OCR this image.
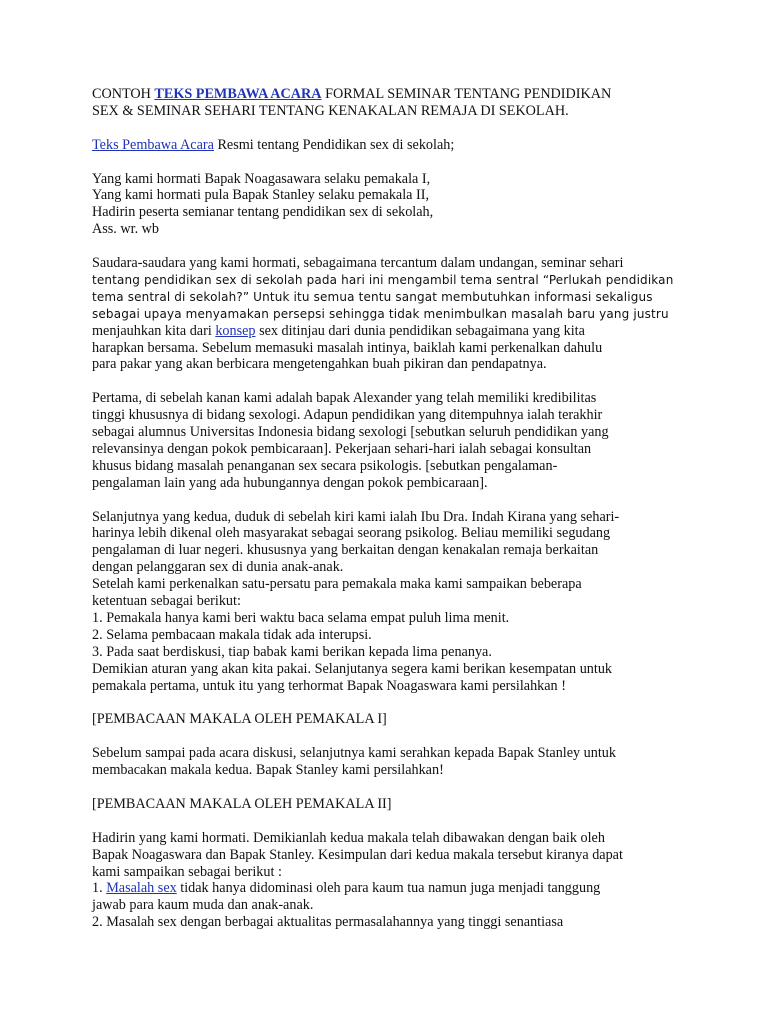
CONTOH TEKS PEMBAWA ACARA FORMAL SEMINAR TENTANG PENDIDIKAN
SEX & SEMINAR SEHARI TENTANG KENAKALAN REMAJA DI SEKOLAH.
Teks Pembawa Acara Resmi tentang Pendidikan sex di sekolah;
Yang kami hormati Bapak Noagasawara selaku pemakala I,
Yang kami hormati pula Bapak Stanley selaku pemakala II,
Hadirin peserta semianar tentang pendidikan sex di sekolah,
Ass. wr. wb
Saudara-saudara yang kami hormati, sebagaimana tercantum dalam undangan, seminar sehari
tentang pendidikan sex di sekolah pada hari ini mengambil tema sentral “Perlukah pendidikan
tema sentral di sekolah?” Untuk itu semua tentu sangat membutuhkan informasi sekaligus
sebagai upaya menyamakan persepsi sehingga tidak menimbulkan masalah baru yang justru
menjauhkan kita dari konsep sex ditinjau dari dunia pendidikan sebagaimana yang kita
harapkan bersama. Sebelum memasuki masalah intinya, baiklah kami perkenalkan dahulu
para pakar yang akan berbicara mengetengahkan buah pikiran dan pendapatnya.
Pertama, di sebelah kanan kami adalah bapak Alexander yang telah memiliki kredibilitas
tinggi khususnya di bidang sexologi. Adapun pendidikan yang ditempuhnya ialah terakhir
sebagai alumnus Universitas Indonesia bidang sexologi [sebutkan seluruh pendidikan yang
relevansinya dengan pokok pembicaraan]. Pekerjaan sehari-hari ialah sebagai konsultan
khusus bidang masalah penanganan sex secara psikologis. [sebutkan pengalaman-
pengalaman lain yang ada hubungannya dengan pokok pembicaraan].
Selanjutnya yang kedua, duduk di sebelah kiri kami ialah Ibu Dra. Indah Kirana yang sehari-
harinya lebih dikenal oleh masyarakat sebagai seorang psikolog. Beliau memiliki segudang
pengalaman di luar negeri. khususnya yang berkaitan dengan kenakalan remaja berkaitan
dengan pelanggaran sex di dunia anak-anak.
Setelah kami perkenalkan satu-persatu para pemakala maka kami sampaikan beberapa
ketentuan sebagai berikut:
1. Pemakala hanya kami beri waktu baca selama empat puluh lima menit.
2. Selama pembacaan makala tidak ada interupsi.
3. Pada saat berdiskusi, tiap babak kami berikan kepada lima penanya.
Demikian aturan yang akan kita pakai. Selanjutanya segera kami berikan kesempatan untuk
pemakala pertama, untuk itu yang terhormat Bapak Noagaswara kami persilahkan !
[PEMBACAAN MAKALA OLEH PEMAKALA I]
Sebelum sampai pada acara diskusi, selanjutnya kami serahkan kepada Bapak Stanley untuk
membacakan makala kedua. Bapak Stanley kami persilahkan!
[PEMBACAAN MAKALA OLEH PEMAKALA II]
Hadirin yang kami hormati. Demikianlah kedua makala telah dibawakan dengan baik oleh
Bapak Noagaswara dan Bapak Stanley. Kesimpulan dari kedua makala tersebut kiranya dapat
kami sampaikan sebagai berikut :
1. Masalah sex tidak hanya didominasi oleh para kaum tua namun juga menjadi tanggung
jawab para kaum muda dan anak-anak.
2. Masalah sex dengan berbagai aktualitas permasalahannya yang tinggi senantiasa
